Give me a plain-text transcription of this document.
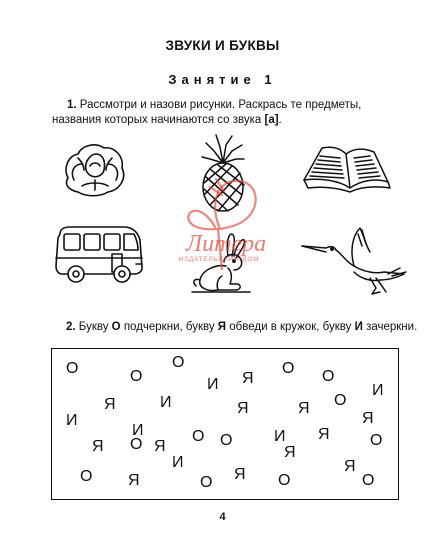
ЗВУКИ И БУКВЫ
Занятие 1
1. Рассмотри и назови рисунки. Раскрась те предметы, названия которых начинаются со звука [а].
Литера
ИЗДАТЕЛЬСКИЙ ДОМ
2. Букву О подчеркни, букву Я обведи в кружок, букву И зачеркни.
О	О
О
Я
О
И	О
И
Я	И	Я	Я О
Я
И
И
Я О Я
О О	И Я
Я
О
И
О Я	О Я О	О
Я
4
